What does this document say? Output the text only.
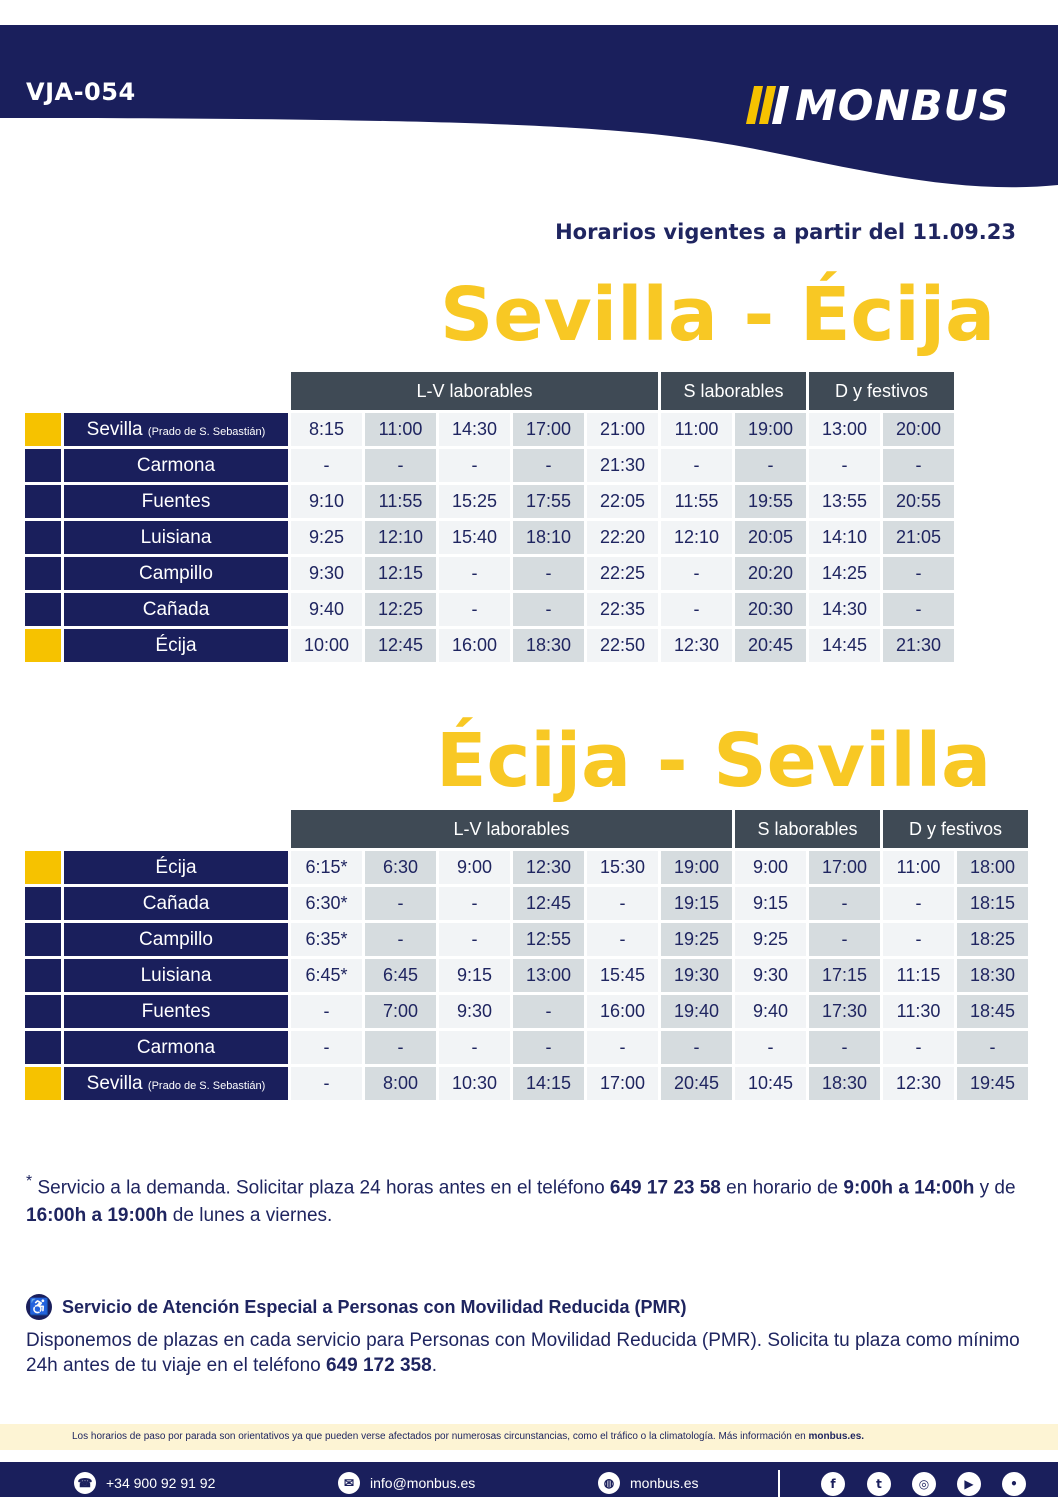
VJA-054	MONBUS
Horarios vigentes a partir del 11.09.23
Sevilla - Écija
		L-V laborables					S laborables		D y festivos	
	Sevilla (Prado de S. Sebastián)	8:15	11:00	14:30	17:00	21:00	11:00	19:00	13:00	20:00
	Carmona	-	-	-	-	21:30	-	-	-	-
	Fuentes	9:10	11:55	15:25	17:55	22:05	11:55	19:55	13:55	20:55
	Luisiana	9:25	12:10	15:40	18:10	22:20	12:10	20:05	14:10	21:05
	Campillo	9:30	12:15	-	-	22:25	-	20:20	14:25	-
	Cañada	9:40	12:25	-	-	22:35	-	20:30	14:30	-
	Écija	10:00	12:45	16:00	18:30	22:50	12:30	20:45	14:45	21:30
Écija - Sevilla
		L-V laborables						S laborables		D y festivos	
	Écija	6:15*	6:30	9:00	12:30	15:30	19:00	9:00	17:00	11:00	18:00
	Cañada	6:30*	-	-	12:45	-	19:15	9:15	-	-	18:15
	Campillo	6:35*	-	-	12:55	-	19:25	9:25	-	-	18:25
	Luisiana	6:45*	6:45	9:15	13:00	15:45	19:30	9:30	17:15	11:15	18:30
	Fuentes	-	7:00	9:30	-	16:00	19:40	9:40	17:30	11:30	18:45
	Carmona	-	-	-	-	-	-	-	-	-	-
	Sevilla (Prado de S. Sebastián)	-	8:00	10:30	14:15	17:00	20:45	10:45	18:30	12:30	19:45
* Servicio a la demanda. Solicitar plaza 24 horas antes en el teléfono 649 17 23 58 en horario de 9:00h a 14:00h y de 16:00h a 19:00h de lunes a viernes.
♿ Servicio de Atención Especial a Personas con Movilidad Reducida (PMR)
Disponemos de plazas en cada servicio para Personas con Movilidad Reducida (PMR). Solicita tu plaza como mínimo 24h antes de tu viaje en el teléfono 649 172 358.
Los horarios de paso por parada son orientativos ya que pueden verse afectados por numerosas circunstancias, como el tráfico o la climatología. Más información en monbus.es.
☎ +34 900 92 91 92	✉	info@monbus.es	◍	monbus.es	f	t	◎	▶	•
